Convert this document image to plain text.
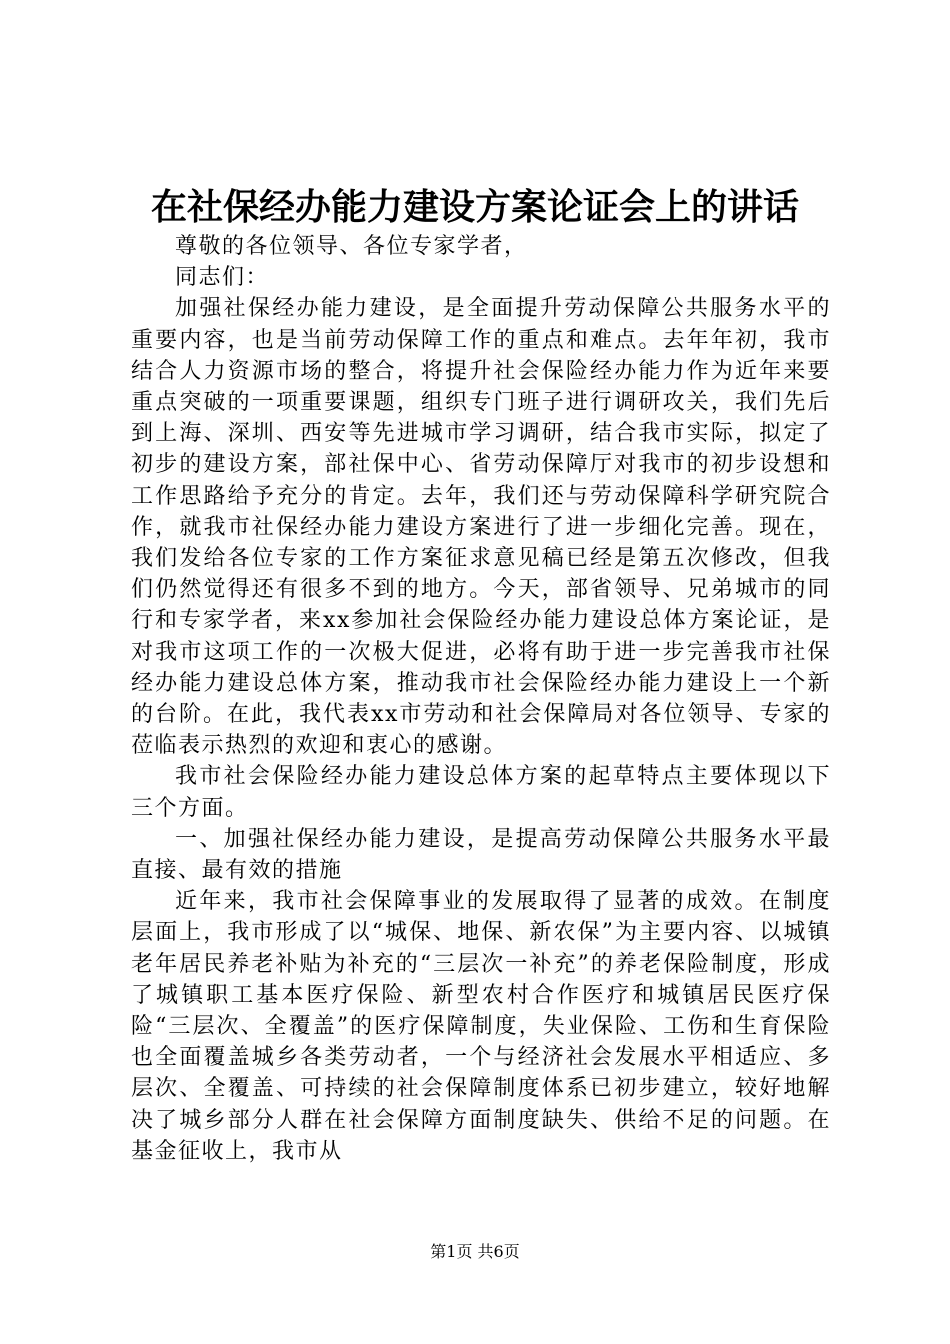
在社保经办能力建设方案论证会上的讲话

尊敬的各位领导、各位专家学者，

同志们：

加强社保经办能力建设，是全面提升劳动保障公共服务水平的重要内容，也是当前劳动保障工作的重点和难点。去年年初，我市结合人力资源市场的整合，将提升社会保险经办能力作为近年来要重点突破的一项重要课题，组织专门班子进行调研攻关，我们先后到上海、深圳、西安等先进城市学习调研，结合我市实际，拟定了初步的建设方案，部社保中心、省劳动保障厅对我市的初步设想和工作思路给予充分的肯定。去年，我们还与劳动保障科学研究院合作，就我市社保经办能力建设方案进行了进一步细化完善。现在，我们发给各位专家的工作方案征求意见稿已经是第五次修改，但我们仍然觉得还有很多不到的地方。今天，部省领导、兄弟城市的同行和专家学者，来xx参加社会保险经办能力建设总体方案论证，是对我市这项工作的一次极大促进，必将有助于进一步完善我市社保经办能力建设总体方案，推动我市社会保险经办能力建设上一个新的台阶。在此，我代表xx市劳动和社会保障局对各位领导、专家的莅临表示热烈的欢迎和衷心的感谢。

我市社会保险经办能力建设总体方案的起草特点主要体现以下三个方面。

一、加强社保经办能力建设，是提高劳动保障公共服务水平最直接、最有效的措施

近年来，我市社会保障事业的发展取得了显著的成效。在制度层面上，我市形成了以“城保、地保、新农保”为主要内容、以城镇老年居民养老补贴为补充的“三层次一补充”的养老保险制度，形成了城镇职工基本医疗保险、新型农村合作医疗和城镇居民医疗保险“三层次、全覆盖”的医疗保障制度，失业保险、工伤和生育保险也全面覆盖城乡各类劳动者，一个与经济社会发展水平相适应、多层次、全覆盖、可持续的社会保障制度体系已初步建立，较好地解决了城乡部分人群在社会保障方面制度缺失、供给不足的问题。在基金征收上，我市从

第1页 共6页
